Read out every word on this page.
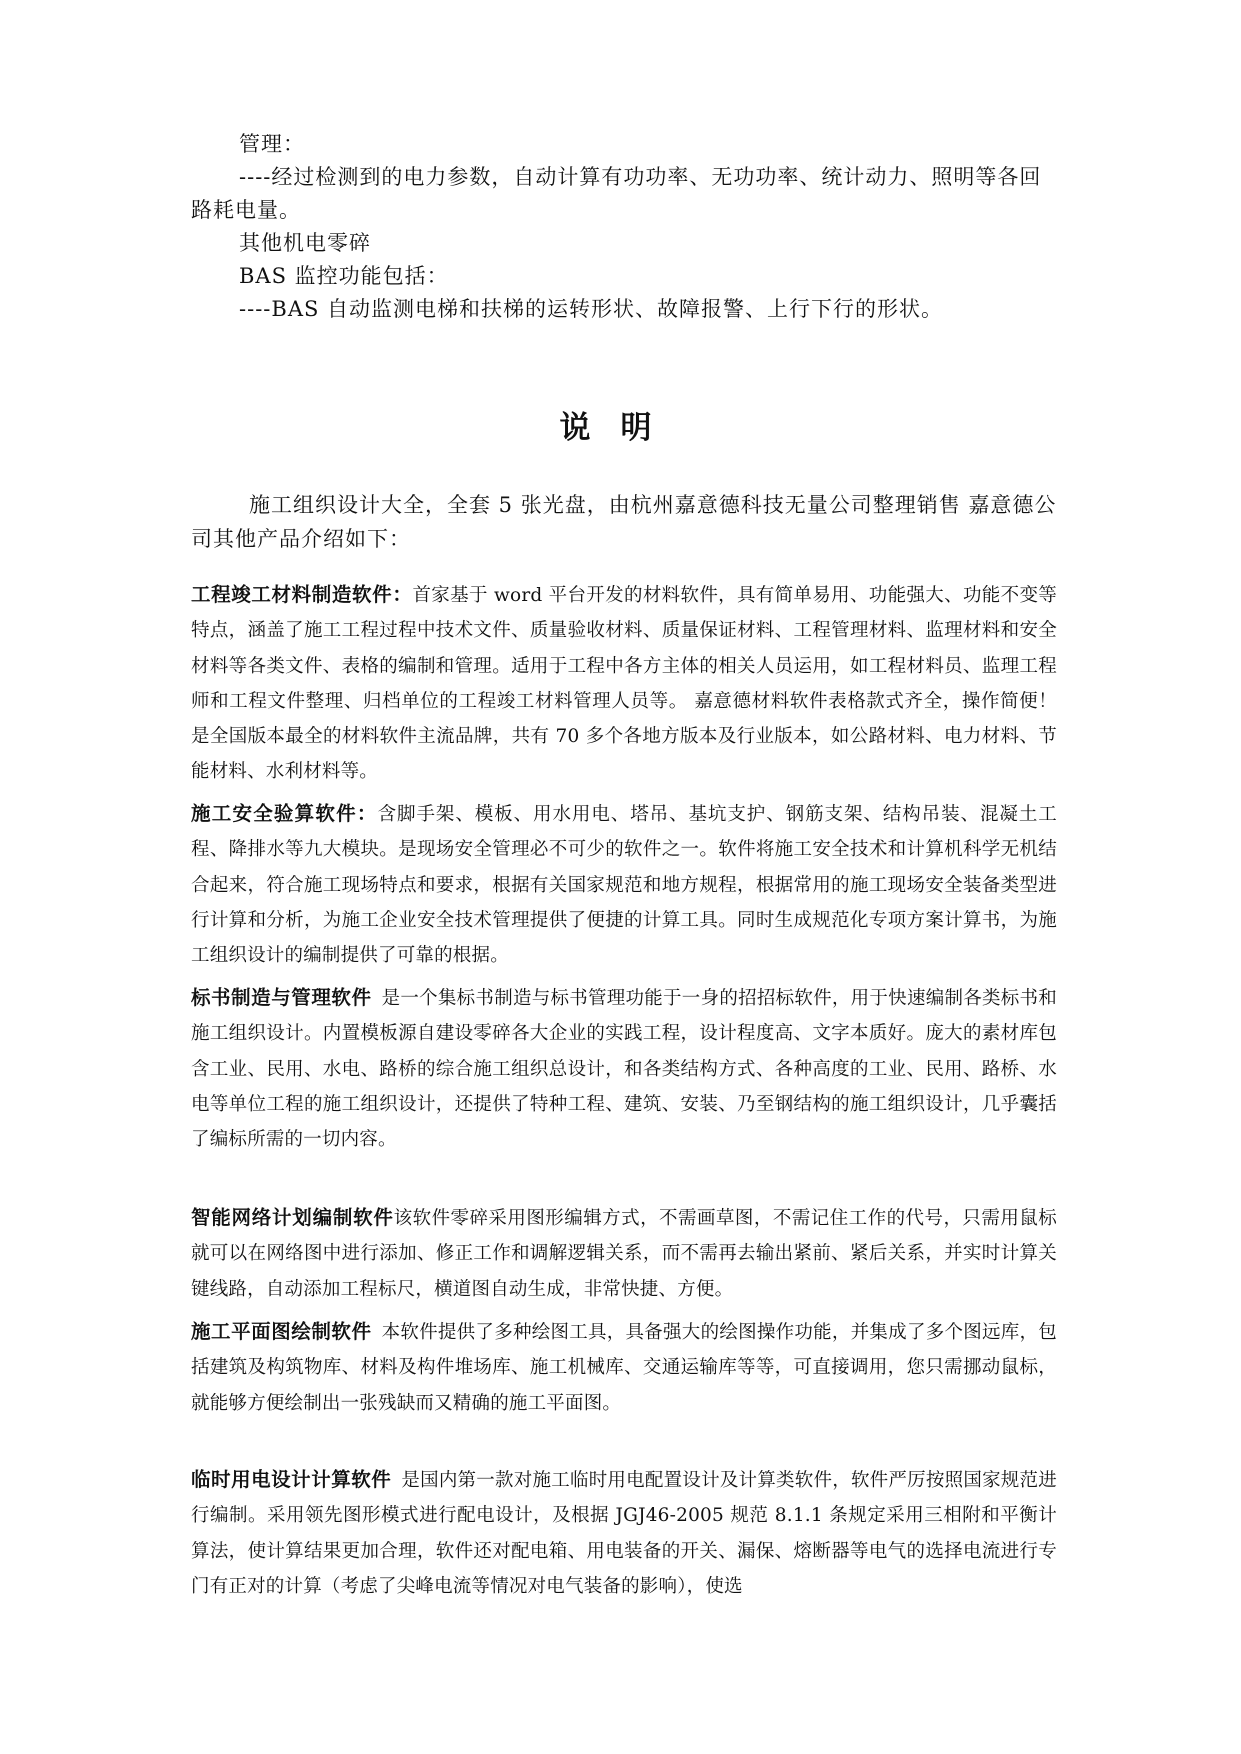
管理：

----经过检测到的电力参数，自动计算有功功率、无功功率、统计动力、照明等各回路耗电量。

其他机电零碎

BAS 监控功能包括：

----BAS 自动监测电梯和扶梯的运转形状、故障报警、上行下行的形状。

说明

施工组织设计大全，全套 5 张光盘，由杭州嘉意德科技无量公司整理销售 嘉意德公司其他产品介绍如下：

工程竣工材料制造软件：首家基于 word 平台开发的材料软件，具有简单易用、功能强大、功能不变等特点，涵盖了施工工程过程中技术文件、质量验收材料、质量保证材料、工程管理材料、监理材料和安全材料等各类文件、表格的编制和管理。适用于工程中各方主体的相关人员运用，如工程材料员、监理工程师和工程文件整理、归档单位的工程竣工材料管理人员等。 嘉意德材料软件表格款式齐全，操作简便！是全国版本最全的材料软件主流品牌，共有 70 多个各地方版本及行业版本，如公路材料、电力材料、节能材料、水利材料等。

施工安全验算软件：含脚手架、模板、用水用电、塔吊、基坑支护、钢筋支架、结构吊装、混凝土工程、降排水等九大模块。是现场安全管理必不可少的软件之一。软件将施工安全技术和计算机科学无机结合起来，符合施工现场特点和要求，根据有关国家规范和地方规程，根据常用的施工现场安全装备类型进行计算和分析，为施工企业安全技术管理提供了便捷的计算工具。同时生成规范化专项方案计算书，为施工组织设计的编制提供了可靠的根据。

标书制造与管理软件 是一个集标书制造与标书管理功能于一身的招招标软件，用于快速编制各类标书和施工组织设计。内置模板源自建设零碎各大企业的实践工程，设计程度高、文字本质好。庞大的素材库包含工业、民用、水电、路桥的综合施工组织总设计，和各类结构方式、各种高度的工业、民用、路桥、水电等单位工程的施工组织设计，还提供了特种工程、建筑、安装、乃至钢结构的施工组织设计，几乎囊括了编标所需的一切内容。

智能网络计划编制软件该软件零碎采用图形编辑方式，不需画草图，不需记住工作的代号，只需用鼠标就可以在网络图中进行添加、修正工作和调解逻辑关系，而不需再去输出紧前、紧后关系，并实时计算关键线路，自动添加工程标尺，横道图自动生成，非常快捷、方便。

施工平面图绘制软件 本软件提供了多种绘图工具，具备强大的绘图操作功能，并集成了多个图远库，包括建筑及构筑物库、材料及构件堆场库、施工机械库、交通运输库等等，可直接调用，您只需挪动鼠标，就能够方便绘制出一张残缺而又精确的施工平面图。

临时用电设计计算软件 是国内第一款对施工临时用电配置设计及计算类软件，软件严厉按照国家规范进行编制。采用领先图形模式进行配电设计，及根据 JGJ46-2005 规范 8.1.1 条规定采用三相附和平衡计算法，使计算结果更加合理，软件还对配电箱、用电装备的开关、漏保、熔断器等电气的选择电流进行专门有正对的计算（考虑了尖峰电流等情况对电气装备的影响），使选
